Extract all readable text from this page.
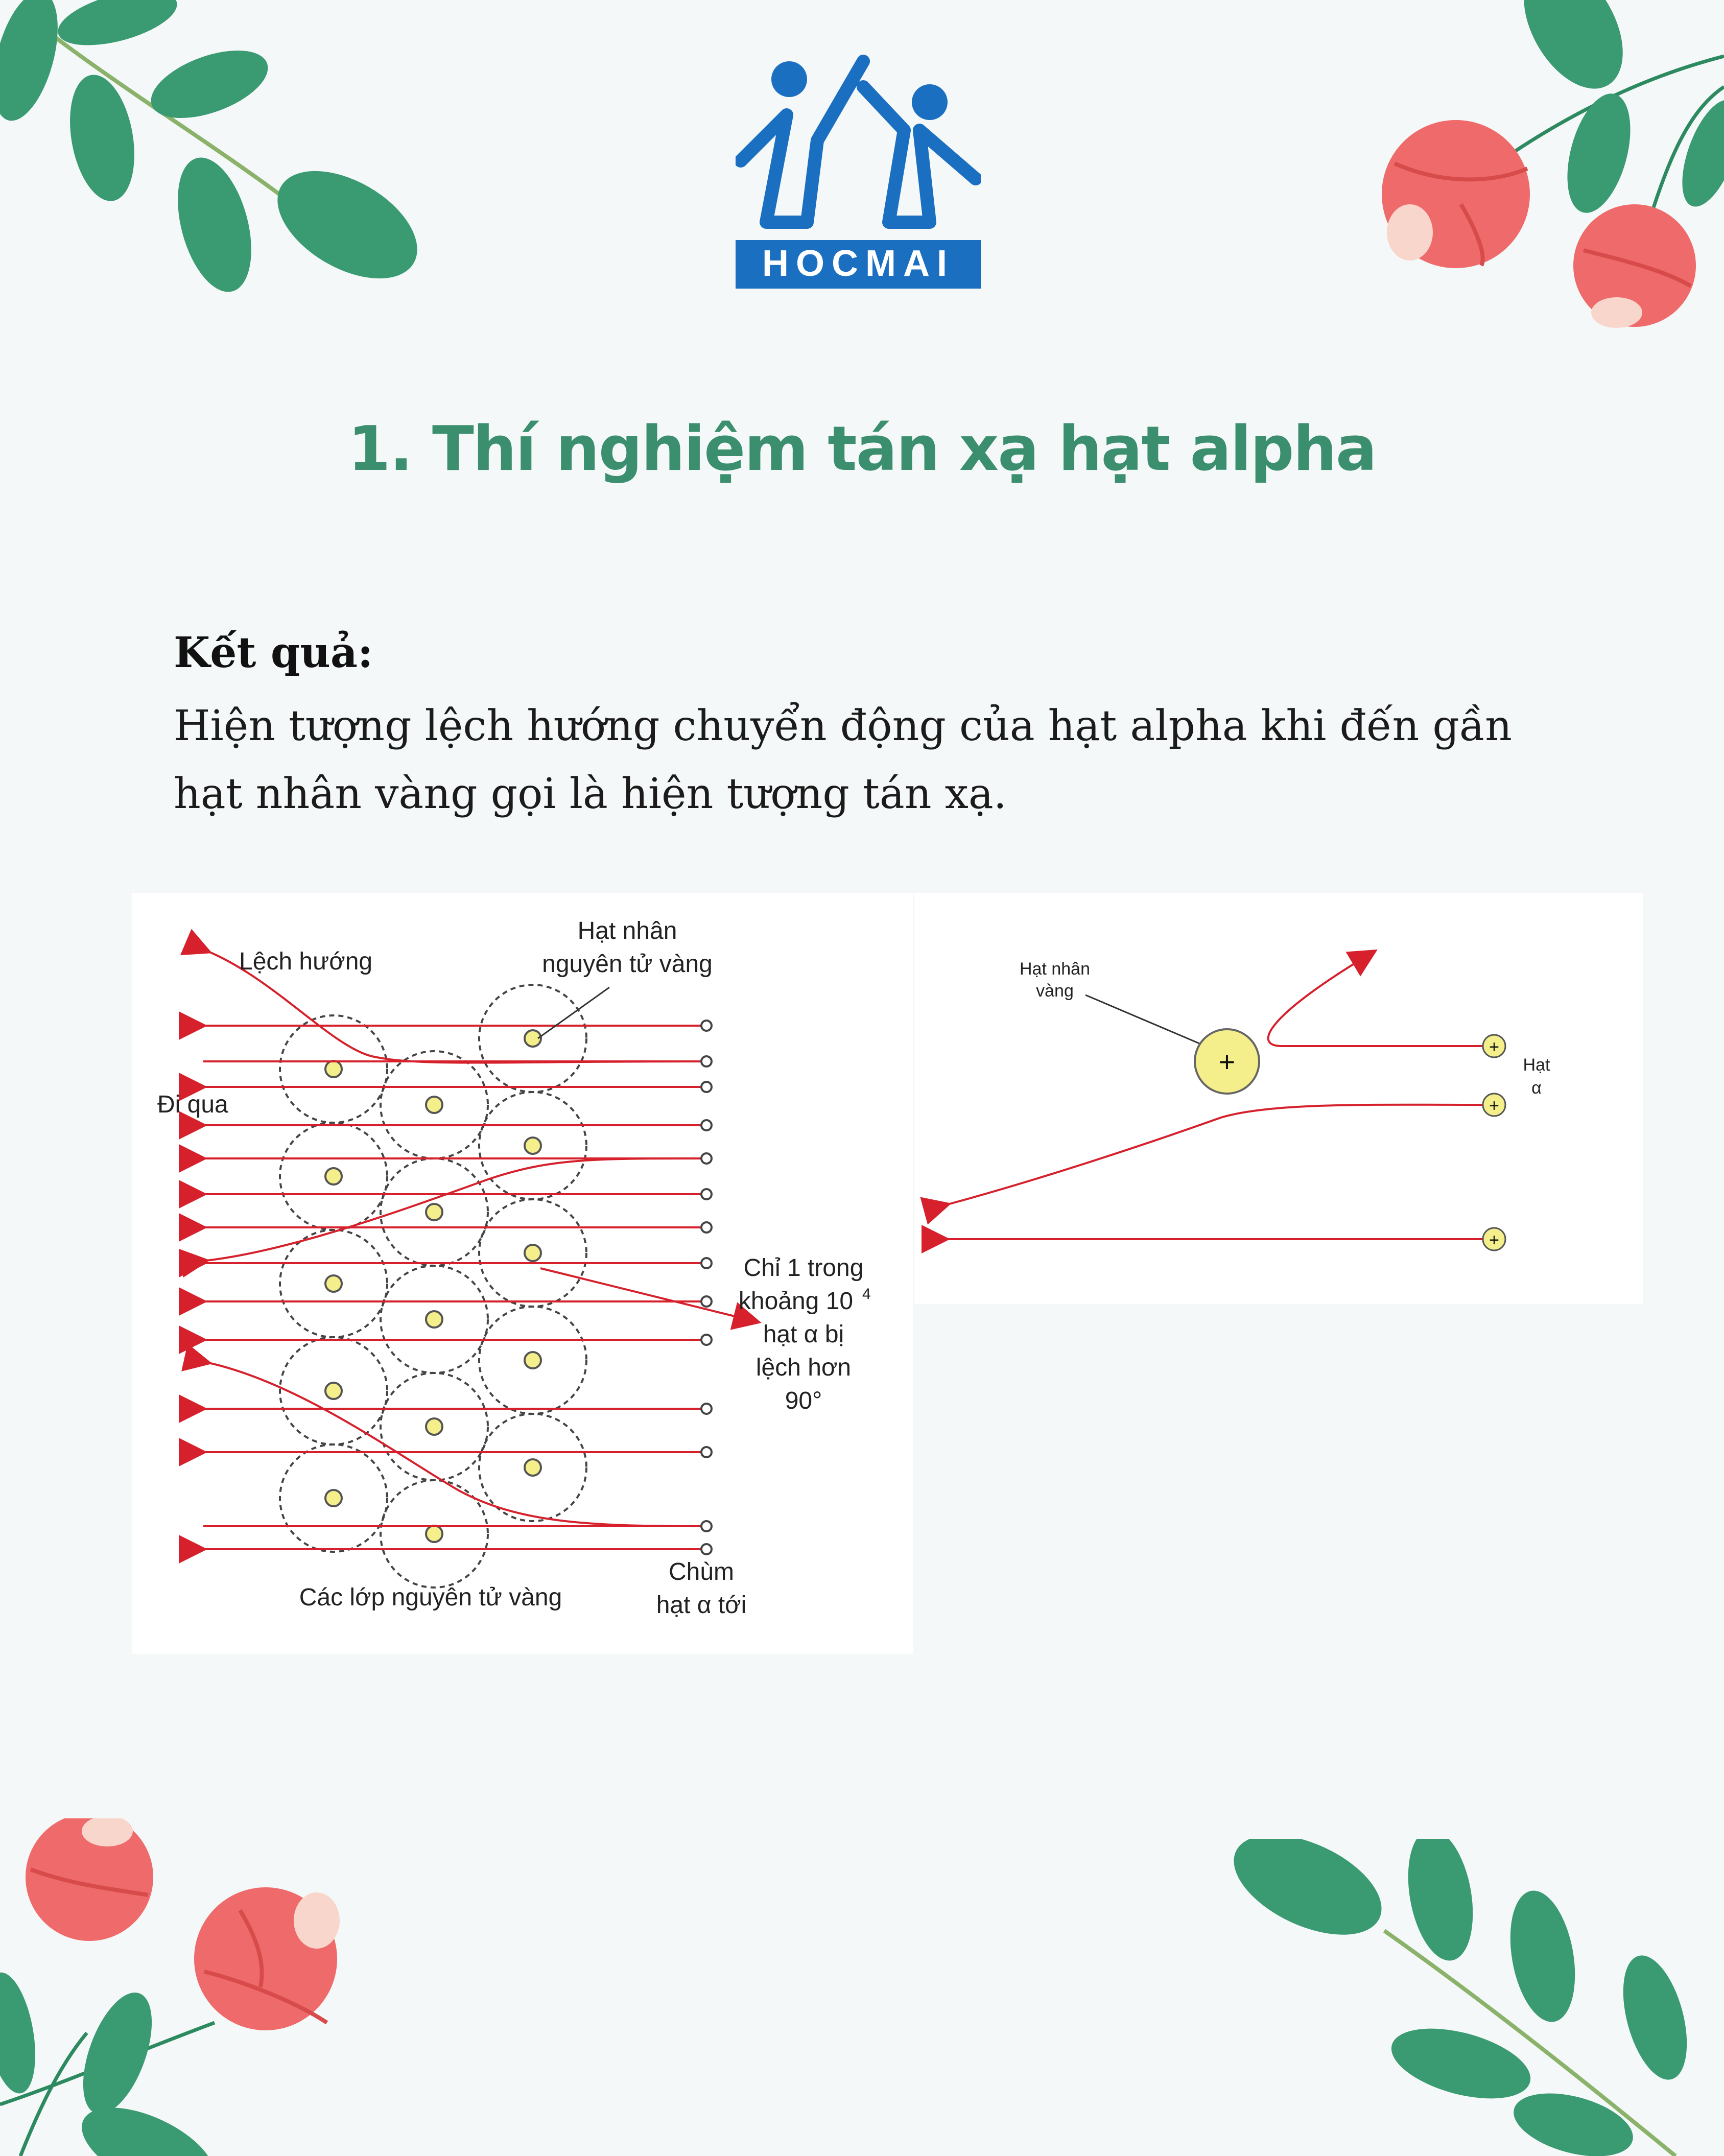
HOCMAI
1. Thí nghiệm tán xạ hạt alpha
Kết quả:
Hiện tượng lệch hướng chuyển động của hạt alpha khi đến gần hạt nhân vàng gọi là hiện tượng tán xạ.
Lệch hướng
Hạt nhân
nguyên tử vàng
Đi qua
Chỉ 1 trong
khoảng 10 4
hạt α bị
lệch hơn
90°
Các lớp nguyên tử vàng
Chùm
hạt α tới
+	+
+
+
Hạt nhân
vàng
Hạt
α
